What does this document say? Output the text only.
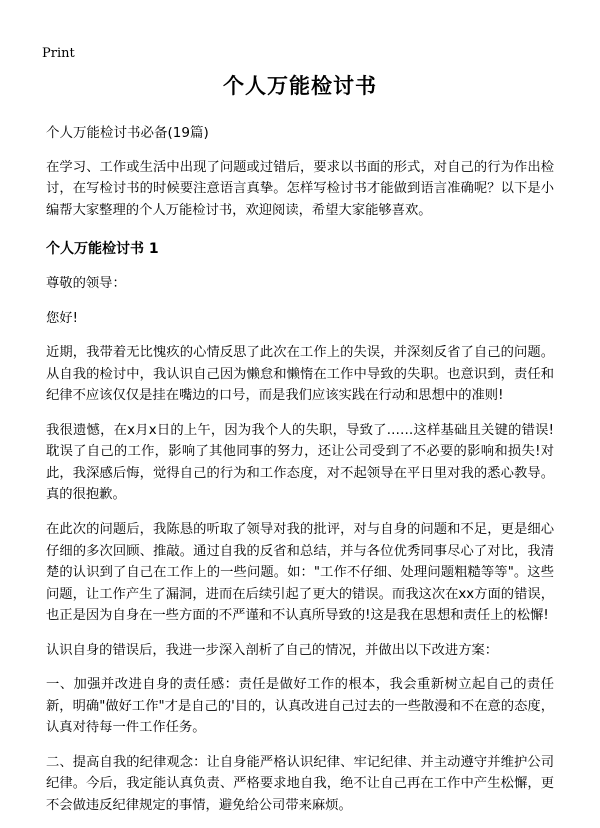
Print
个人万能检讨书

个人万能检讨书必备(19篇)

在学习、工作或生活中出现了问题或过错后，要求以书面的形式，对自己的行为作出检讨，在写检讨书的时候要注意语言真挚。怎样写检讨书才能做到语言准确呢？以下是小编帮大家整理的个人万能检讨书，欢迎阅读，希望大家能够喜欢。

个人万能检讨书 1

尊敬的领导：

您好!

近期，我带着无比愧疚的心情反思了此次在工作上的失误，并深刻反省了自己的问题。从自我的检讨中，我认识自己因为懒怠和懒惰在工作中导致的失职。也意识到，责任和纪律不应该仅仅是挂在嘴边的口号，而是我们应该实践在行动和思想中的准则!

我很遗憾，在x月x日的上午，因为我个人的失职，导致了……这样基础且关键的错误!耽误了自己的工作，影响了其他同事的努力，还让公司受到了不必要的影响和损失!对此，我深感后悔，觉得自己的行为和工作态度，对不起领导在平日里对我的悉心教导。真的很抱歉。

在此次的问题后，我陈恳的听取了领导对我的批评，对与自身的问题和不足，更是细心仔细的多次回顾、推敲。通过自我的反省和总结，并与各位优秀同事尽心了对比，我清楚的认识到了自己在工作上的一些问题。如："工作不仔细、处理问题粗糙等等"。这些问题，让工作产生了漏洞，进而在后续引起了更大的错误。而我这次在xx方面的错误，也正是因为自身在一些方面的不严谨和不认真所导致的!这是我在思想和责任上的松懈!

认识自身的错误后，我进一步深入剖析了自己的情况，并做出以下改进方案：

一、加强并改进自身的责任感：责任是做好工作的根本，我会重新树立起自己的责任新，明确"做好工作"才是自己的'目的，认真改进自己过去的一些散漫和不在意的态度，认真对待每一件工作任务。

二、提高自我的纪律观念：让自身能严格认识纪律、牢记纪律、并主动遵守并维护公司纪律。今后，我定能认真负责、严格要求地自我，绝不让自己再在工作中产生松懈，更不会做违反纪律规定的事情，避免给公司带来麻烦。
